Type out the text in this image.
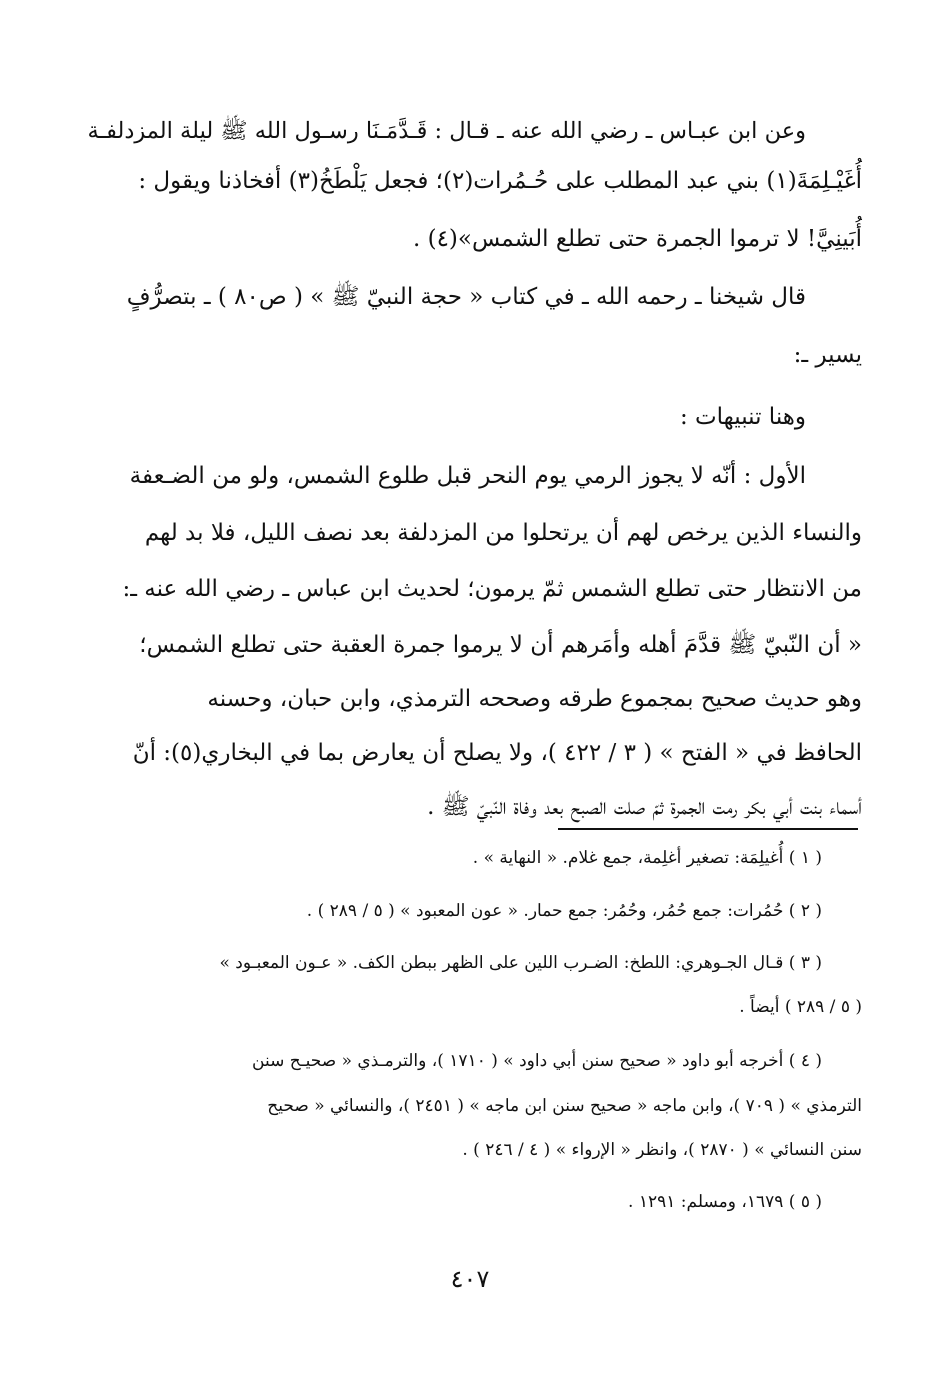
وعن ابن عبـاس ـ رضي الله عنه ـ قـال : قَـدَّمَـنَا رسـول الله ﷺ ليلة المزدلفـة
أُغَيْـلِمَةَ(١) بني عبد المطلب على حُـمُرات(٢)؛ فجعل يَلْطَخُ(٣) أفخاذنا ويقول :
أُبَينِيَّ! لا ترموا الجمرة حتى تطلع الشمس»(٤) .
قال شيخنا ـ رحمه الله ـ في كتاب « حجة النبيّ ﷺ » ( ص٨٠ ) ـ بتصرُّفٍ
يسير ـ:
وهنا تنبيهات :
الأول : أنّه لا يجوز الرمي يوم النحر قبل طلوع الشمس، ولو من الضـعفة
والنساء الذين يرخص لهم أن يرتحلوا من المزدلفة بعد نصف الليل، فلا بد لهم
من الانتظار حتى تطلع الشمس ثمّ يرمون؛ لحديث ابن عباس ـ رضي الله عنه ـ:
« أن النّبيّ ﷺ قدَّمَ أهله وأمَرهم أن لا يرموا جمرة العقبة حتى تطلع الشمس؛
وهو حديث صحيح بمجموع طرقه وصححه الترمذي، وابن حبان، وحسنه
الحافظ في « الفتح » ( ٣ / ٤٢٢ )، ولا يصلح أن يعارض بما في البخاري(٥): أنّ
أسماء بنت أبي بكر رمت الجمرة ثمّ صلت الصبح بعد وفاة النّبيّ ﷺ .
( ١ ) أُغيلِمَة: تصغير أغلِمة، جمع غلام. « النهاية » .
( ٢ ) حُمُرات: جمع حُمُر، وحُمُر: جمع حمار. « عون المعبود » ( ٥ / ٢٨٩ ) .
( ٣ ) قـال الجـوهري: اللطخ: الضـرب اللين على الظهر ببطن الكف. « عـون المعبـود »
( ٥ / ٢٨٩ ) أيضاً .
( ٤ ) أخرجه أبو داود « صحيح سنن أبي داود » ( ١٧١٠ )، والترمـذي « صحيـح سنن
الترمذي » ( ٧٠٩ )، وابن ماجه « صحيح سنن ابن ماجه » ( ٢٤٥١ )، والنسائي « صحيح
سنن النسائي » ( ٢٨٧٠ )، وانظر « الإرواء » ( ٤ / ٢٤٦ ) .
( ٥ ) ١٦٧٩، ومسلم: ١٢٩١ .
٤٠٧
